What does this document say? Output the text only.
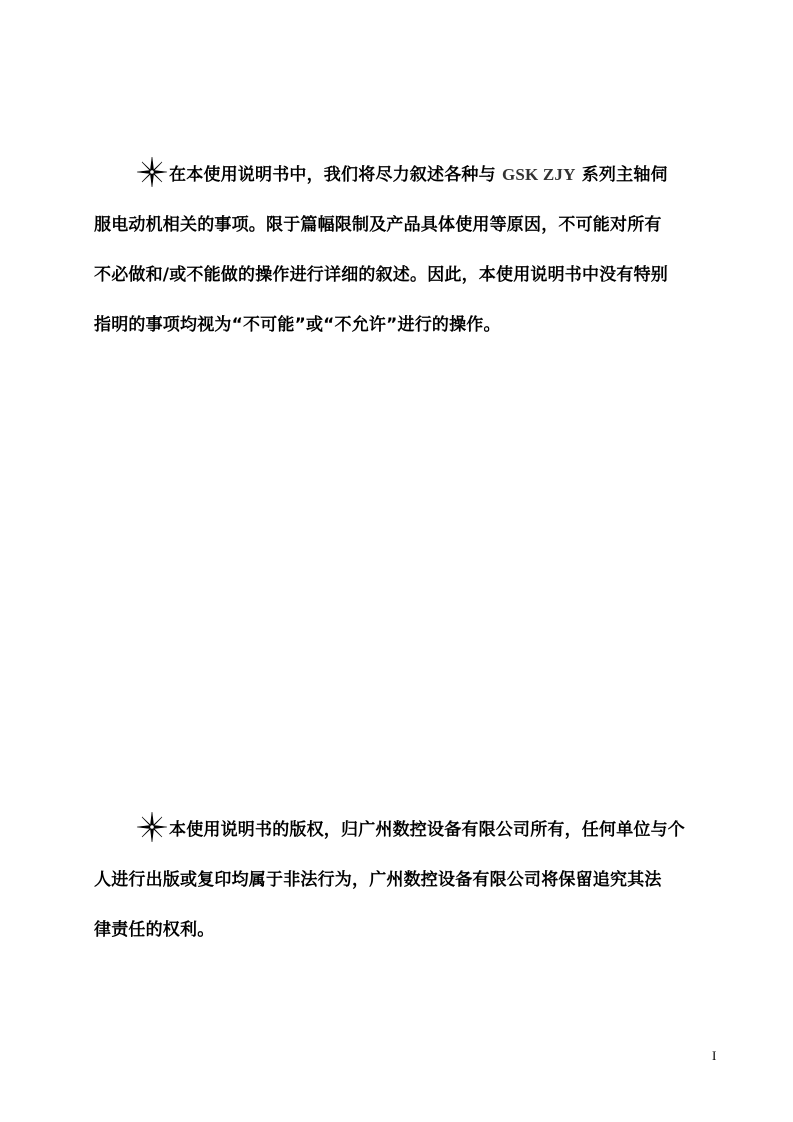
在本使用说明书中，我们将尽力叙述各种与 GSK ZJY 系列主轴伺
服电动机相关的事项。限于篇幅限制及产品具体使用等原因，不可能对所有
不必做和/或不能做的操作进行详细的叙述。因此，本使用说明书中没有特别
指明的事项均视为“不可能”或“不允许”进行的操作。
本使用说明书的版权，归广州数控设备有限公司所有，任何单位与个
人进行出版或复印均属于非法行为，广州数控设备有限公司将保留追究其法
律责任的权利。
I
